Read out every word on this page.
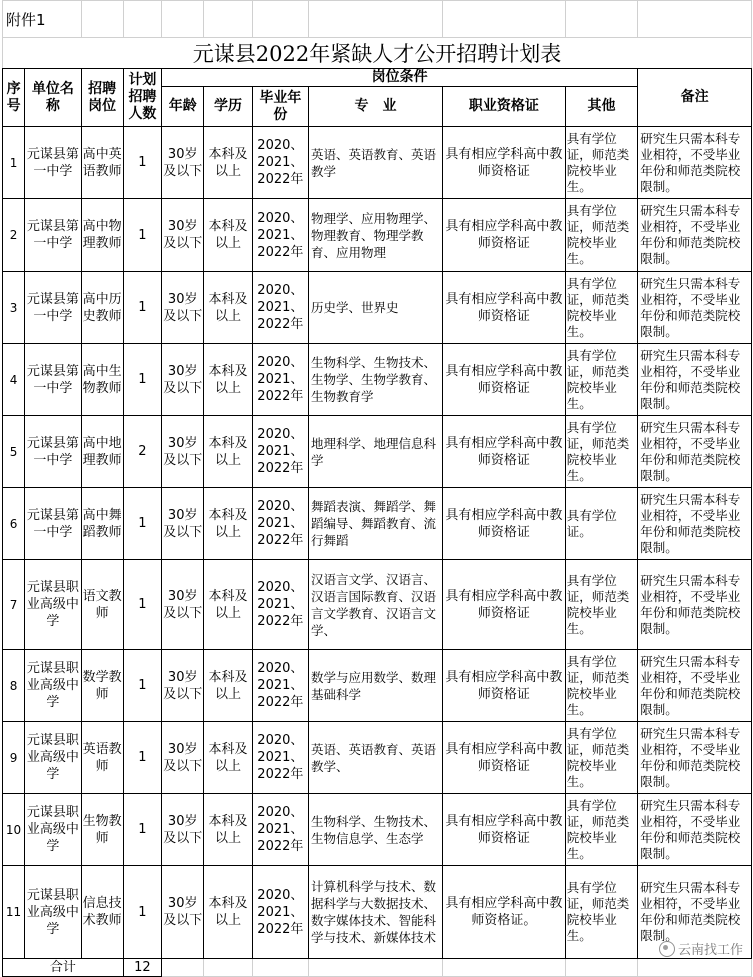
附件1										
元谋县2022年紧缺人才公开招聘计划表										
序号	单位名称	招聘岗位	计划招聘人数	岗位条件						备注
				年龄	学历	毕业年份	专　业	职业资格证	其他	
1	元谋县第一中学	高中英语教师	1	30岁及以下	本科及以上	2020、2021、2022年	英语、英语教育、英语教学	具有相应学科高中教师资格证	具有学位证，师范类院校毕业生。	研究生只需本科专业相符，不受毕业年份和师范类院校限制。
2	元谋县第一中学	高中物理教师	1	30岁及以下	本科及以上	2020、2021、2022年	物理学、应用物理学、物理教育、物理学教育、应用物理	具有相应学科高中教师资格证	具有学位证，师范类院校毕业生。	研究生只需本科专业相符，不受毕业年份和师范类院校限制。
3	元谋县第一中学	高中历史教师	1	30岁及以下	本科及以上	2020、2021、2022年	历史学、世界史	具有相应学科高中教师资格证	具有学位证，师范类院校毕业生。	研究生只需本科专业相符，不受毕业年份和师范类院校限制。
4	元谋县第一中学	高中生物教师	1	30岁及以下	本科及以上	2020、2021、2022年	生物科学、生物技术、生物学、生物学教育、生物教育学	具有相应学科高中教师资格证	具有学位证，师范类院校毕业生。	研究生只需本科专业相符，不受毕业年份和师范类院校限制。
5	元谋县第一中学	高中地理教师	2	30岁及以下	本科及以上	2020、2021、2022年	地理科学、地理信息科学	具有相应学科高中教师资格证	具有学位证，师范类院校毕业生。	研究生只需本科专业相符，不受毕业年份和师范类院校限制。
6	元谋县第一中学	高中舞蹈教师	1	30岁及以下	本科及以上	2020、2021、2022年	舞蹈表演、舞蹈学、舞蹈编导、舞蹈教育、流行舞蹈	具有相应学科高中教师资格证	具有学位证。	研究生只需本科专业相符，不受毕业年份和师范类院校限制。
7	元谋县职业高级中学	语文教师	1	30岁及以下	本科及以上	2020、2021、2022年	汉语言文学、汉语言、汉语言国际教育、汉语言文学教育、汉语言文学、	具有相应学科高中教师资格证	具有学位证，师范类院校毕业生。	研究生只需本科专业相符，不受毕业年份和师范类院校限制。
8	元谋县职业高级中学	数学教师	1	30岁及以下	本科及以上	2020、2021、2022年	数学与应用数学、数理基础科学	具有相应学科高中教师资格证	具有学位证，师范类院校毕业生。	研究生只需本科专业相符，不受毕业年份和师范类院校限制。
9	元谋县职业高级中学	英语教师	1	30岁及以下	本科及以上	2020、2021、2022年	英语、英语教育、英语教学、	具有相应学科高中教师资格证	具有学位证，师范类院校毕业生。	研究生只需本科专业相符，不受毕业年份和师范类院校限制。
10	元谋县职业高级中学	生物教师	1	30岁及以下	本科及以上	2020、2021、2022年	生物科学、生物技术、生物信息学、生态学	具有相应学科高中教师资格证	具有学位证，师范类院校毕业生。	研究生只需本科专业相符，不受毕业年份和师范类院校限制。
11	元谋县职业高级中学	信息技术教师	1	30岁及以下	本科及以上	2020、2021、2022年	计算机科学与技术、数据科学与大数据技术、数字媒体技术、智能科学与技术、新媒体技术	具有相应学科高中教师资格证。	具有学位证，师范类院校毕业生。	研究生只需本科专业相符，不受毕业年份和师范类院校限制。
合计			12							
云南找工作
